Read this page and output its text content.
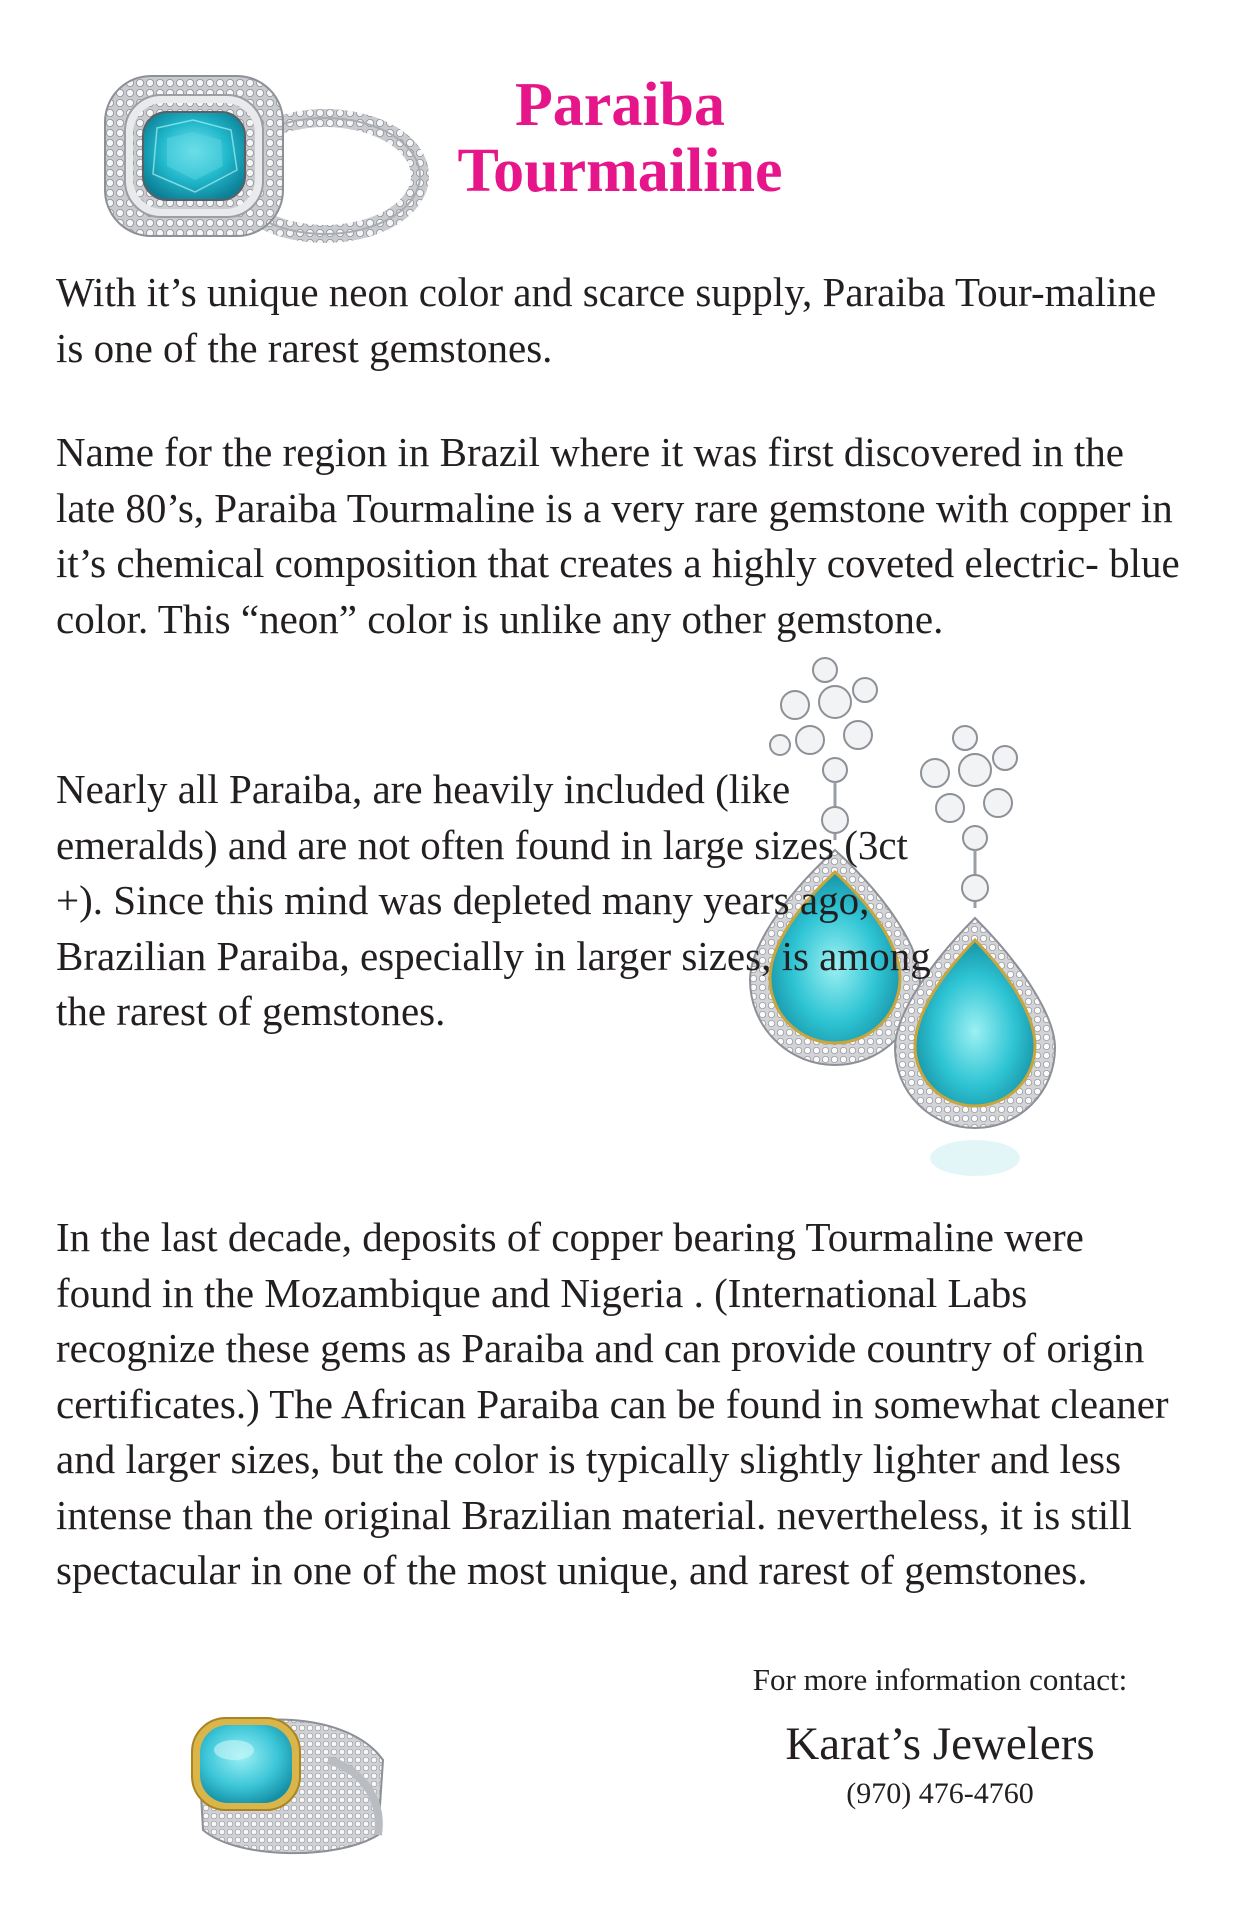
Paraiba
Tourmailine

With it’s unique neon color and scarce supply, Paraiba Tour-maline is one of the rarest gemstones.

Name for the region in Brazil where it was first discovered in the late 80’s, Paraiba Tourmaline is a very rare gemstone with copper in it’s chemical composition that creates a highly coveted electric- blue color. This “neon” color is unlike any other gemstone.

Nearly all Paraiba, are heavily included (like emeralds) and are not often found in large sizes (3ct +). Since this mind was depleted many years ago, Brazilian Paraiba, especially in larger sizes, is among the rarest of gemstones.

In the last decade, deposits of copper bearing Tourmaline were found in the Mozambique and Nigeria . (International Labs recognize these gems as Paraiba and can provide country of origin certificates.) The African Paraiba can be found in somewhat cleaner and larger sizes, but the color is typically slightly lighter and less intense than the original Brazilian material. nevertheless, it is still spectacular in one of the most unique, and rarest of gemstones.

For more information contact:
Karat’s Jewelers
(970) 476-4760
